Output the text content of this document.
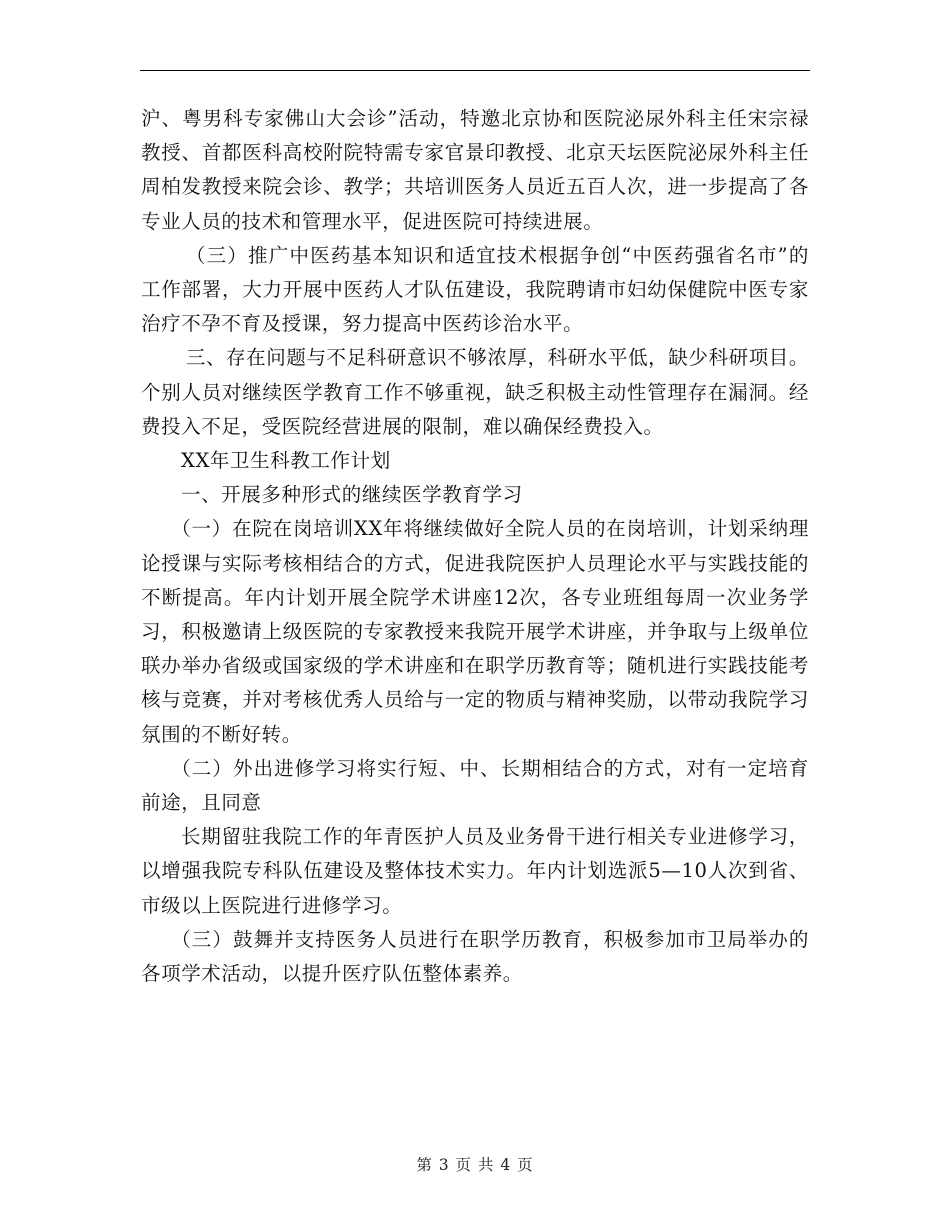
沪、粤男科专家佛山大会诊”活动，特邀北京协和医院泌尿外科主任宋宗禄教授、首都医科高校附院特需专家官景印教授、北京天坛医院泌尿外科主任周柏发教授来院会诊、教学；共培训医务人员近五百人次，进一步提高了各专业人员的技术和管理水平，促进医院可持续进展。

（三）推广中医药基本知识和适宜技术根据争创“中医药强省名市”的工作部署，大力开展中医药人才队伍建设，我院聘请市妇幼保健院中医专家治疗不孕不育及授课，努力提高中医药诊治水平。

三、存在问题与不足科研意识不够浓厚，科研水平低，缺少科研项目。个别人员对继续医学教育工作不够重视，缺乏积极主动性管理存在漏洞。经费投入不足，受医院经营进展的限制，难以确保经费投入。

XX年卫生科教工作计划

一、开展多种形式的继续医学教育学习

（一）在院在岗培训XX年将继续做好全院人员的在岗培训，计划采纳理论授课与实际考核相结合的方式，促进我院医护人员理论水平与实践技能的不断提高。年内计划开展全院学术讲座12次，各专业班组每周一次业务学习，积极邀请上级医院的专家教授来我院开展学术讲座，并争取与上级单位联办举办省级或国家级的学术讲座和在职学历教育等；随机进行实践技能考核与竞赛，并对考核优秀人员给与一定的物质与精神奖励，以带动我院学习氛围的不断好转。

（二）外出进修学习将实行短、中、长期相结合的方式，对有一定培育前途，且同意

长期留驻我院工作的年青医护人员及业务骨干进行相关专业进修学习，以增强我院专科队伍建设及整体技术实力。年内计划选派5—10人次到省、市级以上医院进行进修学习。

（三）鼓舞并支持医务人员进行在职学历教育，积极参加市卫局举办的各项学术活动，以提升医疗队伍整体素养。

第 3 页 共 4 页
